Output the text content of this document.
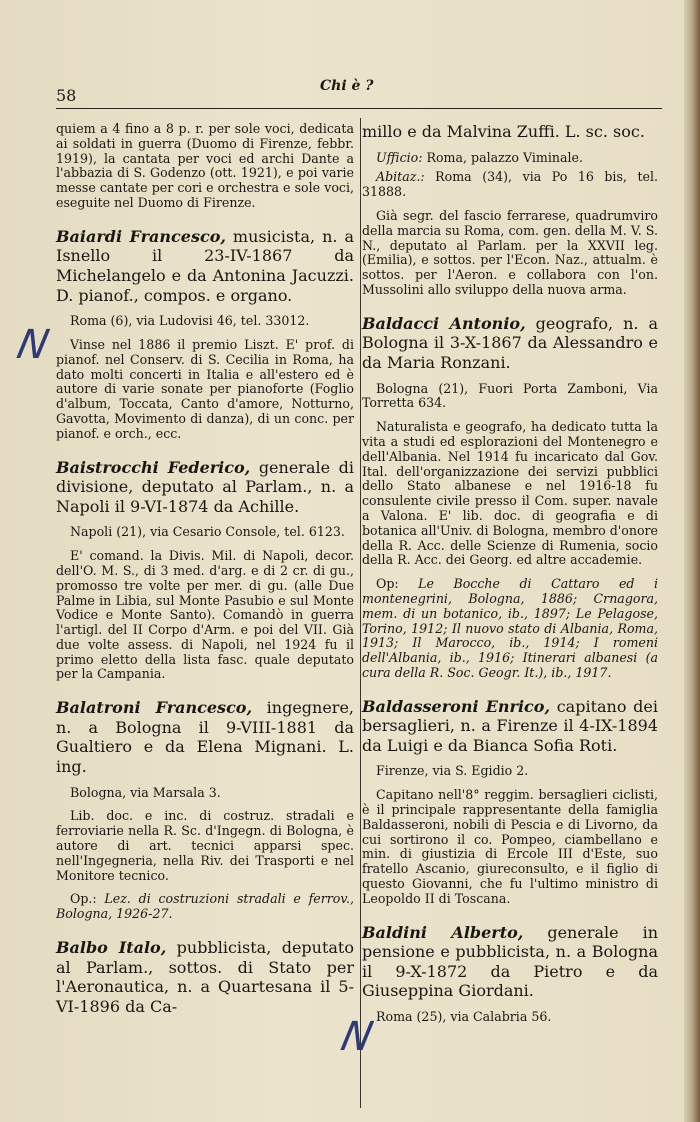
58	Chi è ?

quiem a 4 fino a 8 p. r. per sole voci, dedicata ai soldati in guerra (Duomo di Firenze, febbr. 1919), la cantata per voci ed archi Dante a l'abbazia di S. Godenzo (ott. 1921), e poi varie messe cantate per cori e orchestra e sole voci, eseguite nel Duomo di Firenze.

Baiardi Francesco, musicista, n. a Isnello il 23-IV-1867 da Michelangelo e da Antonina Jacuzzi. D. pianof., compos. e organo.

Roma (6), via Ludovisi 46, tel. 33012.

Vinse nel 1886 il premio Liszt. E' prof. di pianof. nel Conserv. di S. Cecilia in Roma, ha dato molti concerti in Italia e all'estero ed è autore di varie sonate per pianoforte (Foglio d'album, Toccata, Canto d'amore, Notturno, Gavotta, Movimento di danza), di un conc. per pianof. e orch., ecc.

Baistrocchi Federico, generale di divisione, deputato al Parlam., n. a Napoli il 9-VI-1874 da Achille.

Napoli (21), via Cesario Console, tel. 6123.

E' comand. la Divis. Mil. di Napoli, decor. dell'O. M. S., di 3 med. d'arg. e di 2 cr. di gu., promosso tre volte per mer. di gu. (alle Due Palme in Libia, sul Monte Pasubio e sul Monte Vodice e Monte Santo). Comandò in guerra l'artigl. del II Corpo d'Arm. e poi del VII. Già due volte assess. di Napoli, nel 1924 fu il primo eletto della lista fasc. quale deputato per la Campania.

Balatroni Francesco, ingegnere, n. a Bologna il 9-VIII-1881 da Gualtiero e da Elena Mignani. L. ing.

Bologna, via Marsala 3.

Lib. doc. e inc. di costruz. stradali e ferroviarie nella R. Sc. d'Ingegn. di Bologna, è autore di art. tecnici apparsi spec. nell'Ingegneria, nella Riv. dei Trasporti e nel Monitore tecnico.

Op.: Lez. di costruzioni stradali e ferrov., Bologna, 1926-27.

Balbo Italo, pubblicista, deputato al Parlam., sottos. di Stato per l'Aeronautica, n. a Quartesana il 5-VI-1896 da Ca-

millo e da Malvina Zuffi. L. sc. soc.

Ufficio: Roma, palazzo Viminale.

Abitaz.: Roma (34), via Po 16 bis, tel. 31888.

Già segr. del fascio ferrarese, quadrumviro della marcia su Roma, com. gen. della M. V. S. N., deputato al Parlam. per la XXVII leg. (Emilia), e sottos. per l'Econ. Naz., attualm. è sottos. per l'Aeron. e collabora con l'on. Mussolini allo sviluppo della nuova arma.

Baldacci Antonio, geografo, n. a Bologna il 3-X-1867 da Alessandro e da Maria Ronzani.

Bologna (21), Fuori Porta Zamboni, Via Torretta 634.

Naturalista e geografo, ha dedicato tutta la vita a studi ed esplorazioni del Montenegro e dell'Albania. Nel 1914 fu incaricato dal Gov. Ital. dell'organizzazione dei servizi pubblici dello Stato albanese e nel 1916-18 fu consulente civile presso il Com. super. navale a Valona. E' lib. doc. di geografia e di botanica all'Univ. di Bologna, membro d'onore della R. Acc. delle Scienze di Rumenia, socio della R. Acc. dei Georg. ed altre accademie.

Op: Le Bocche di Cattaro ed i montenegrini, Bologna, 1886; Crnagora, mem. di un botanico, ib., 1897; Le Pelagose, Torino, 1912; Il nuovo stato di Albania, Roma, 1913; Il Marocco, ib., 1914; I romeni dell'Albania, ib., 1916; Itinerari albanesi (a cura della R. Soc. Geogr. It.), ib., 1917.

Baldasseroni Enrico, capitano dei bersaglieri, n. a Firenze il 4-IX-1894 da Luigi e da Bianca Sofia Roti.

Firenze, via S. Egidio 2.

Capitano nell'8° reggim. bersaglieri ciclisti, è il principale rappresentante della famiglia Baldasseroni, nobili di Pescia e di Livorno, da cui sortirono il co. Pompeo, ciambellano e min. di giustizia di Ercole III d'Este, suo fratello Ascanio, giureconsulto, e il figlio di questo Giovanni, che fu l'ultimo ministro di Leopoldo II di Toscana.

Baldini Alberto, generale in pensione e pubblicista, n. a Bologna il 9-X-1872 da Pietro e da Giuseppina Giordani.

Roma (25), via Calabria 56.

N
N
